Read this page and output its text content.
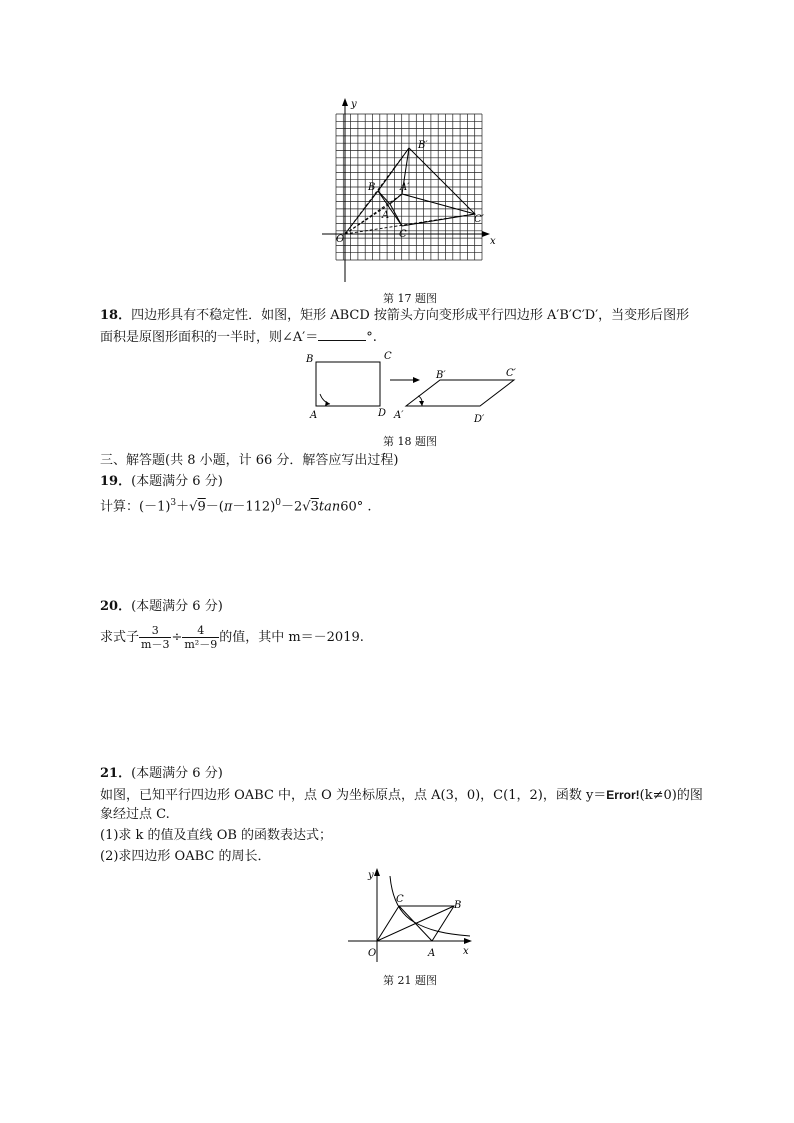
y
x
O
B
A
C
B′
A′
C′
第 17 题图
18．四边形具有不稳定性．如图，矩形 ABCD 按箭头方向变形成平行四边形 A′B′C′D′，当变形后图形
面积是原图形面积的一半时，则∠A′＝	°.
B	C
A	D
B′	C′
A′	D′
第 18 题图
三、解答题(共 8 小题，计 66 分．解答应写出过程)
19．(本题满分 6 分)
计算：$(-1)^3+√9-(\pi-112)^0-2√3\tan 60^\circ$ .
20．(本题满分 6 分)
求式子 $\frac{3}{m-3} \div \frac{4}{\text{m²－9}}$ 的值，其中 m＝－2019.
21．(本题满分 6 分)
如图，已知平行四边形 OABC 中，点 O 为坐标原点，点 A(3，0)，C(1，2)，函数 y＝Error!(k≠0)的图
象经过点 C.
(1)求 k 的值及直线 OB 的函数表达式；
(2)求四边形 OABC 的周长．
y
x
O	A
B
C
第 21 题图
